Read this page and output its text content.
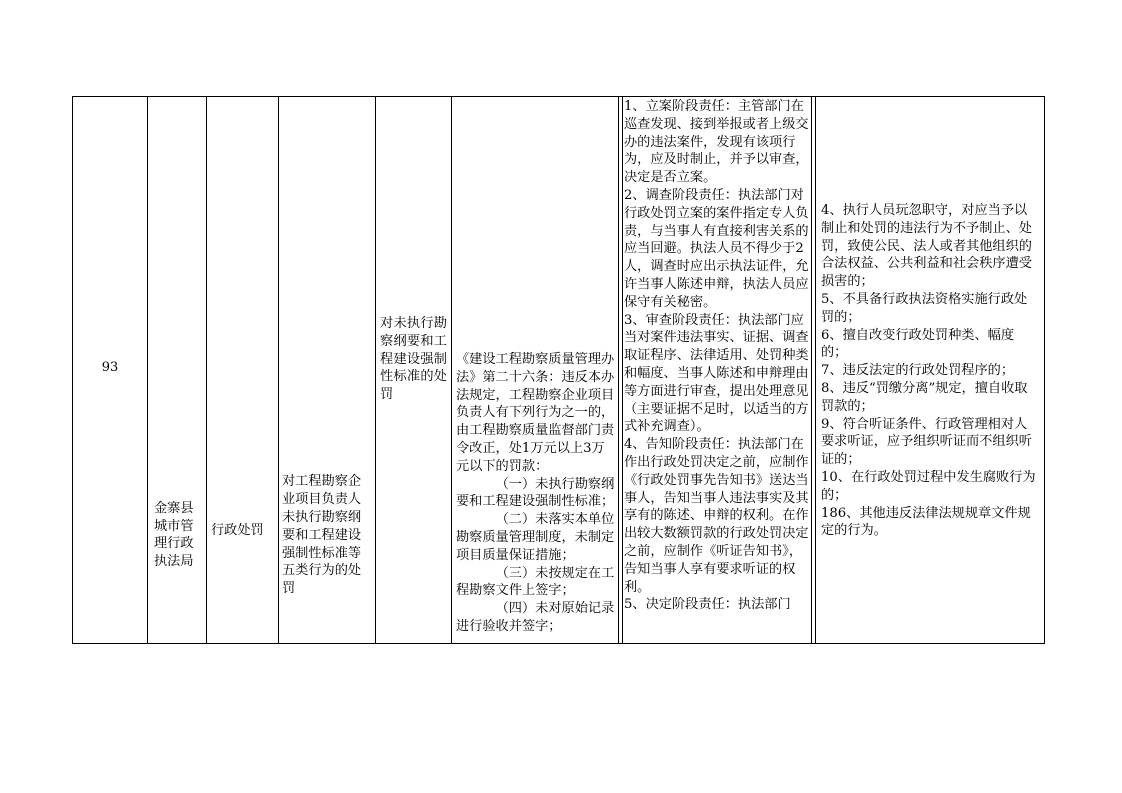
93
金寨县城市管理行政执法局
行政处罚
对工程勘察企业项目负责人未执行勘察纲要和工程建设强制性标准等五类行为的处罚
对未执行勘察纲要和工程建设强制性标准的处罚

《建设工程勘察质量管理办法》第二十六条：违反本办法规定，工程勘察企业项目负责人有下列行为之一的，由工程勘察质量监督部门责令改正，处1万元以上3万元以下的罚款：

（一）未执行勘察纲要和工程建设强制性标准；

（二）未落实本单位勘察质量管理制度，未制定项目质量保证措施；

（三）未按规定在工程勘察文件上签字；

（四）未对原始记录进行验收并签字；

1、立案阶段责任：主管部门在巡查发现、接到举报或者上级交办的违法案件，发现有该项行为，应及时制止，并予以审查，决定是否立案。

2、调查阶段责任：执法部门对行政处罚立案的案件指定专人负责，与当事人有直接利害关系的应当回避。执法人员不得少于2人，调查时应出示执法证件，允许当事人陈述申辩，执法人员应保守有关秘密。

3、审查阶段责任：执法部门应当对案件违法事实、证据、调查取证程序、法律适用、处罚种类和幅度、当事人陈述和申辩理由等方面进行审查，提出处理意见（主要证据不足时，以适当的方式补充调查）。

4、告知阶段责任：执法部门在作出行政处罚决定之前，应制作《行政处罚事先告知书》送达当事人，告知当事人违法事实及其享有的陈述、申辩的权利。在作出较大数额罚款的行政处罚决定之前，应制作《听证告知书》，告知当事人享有要求听证的权利。

5、决定阶段责任：执法部门

4、执行人员玩忽职守，对应当予以制止和处罚的违法行为不予制止、处罚，致使公民、法人或者其他组织的合法权益、公共利益和社会秩序遭受损害的；

5、不具备行政执法资格实施行政处罚的；

6、擅自改变行政处罚种类、幅度的；

7、违反法定的行政处罚程序的；

8、违反“罚缴分离”规定，擅自收取罚款的；

9、符合听证条件、行政管理相对人要求听证，应予组织听证而不组织听证的；

10、在行政处罚过程中发生腐败行为的；

186、其他违反法律法规规章文件规定的行为。
